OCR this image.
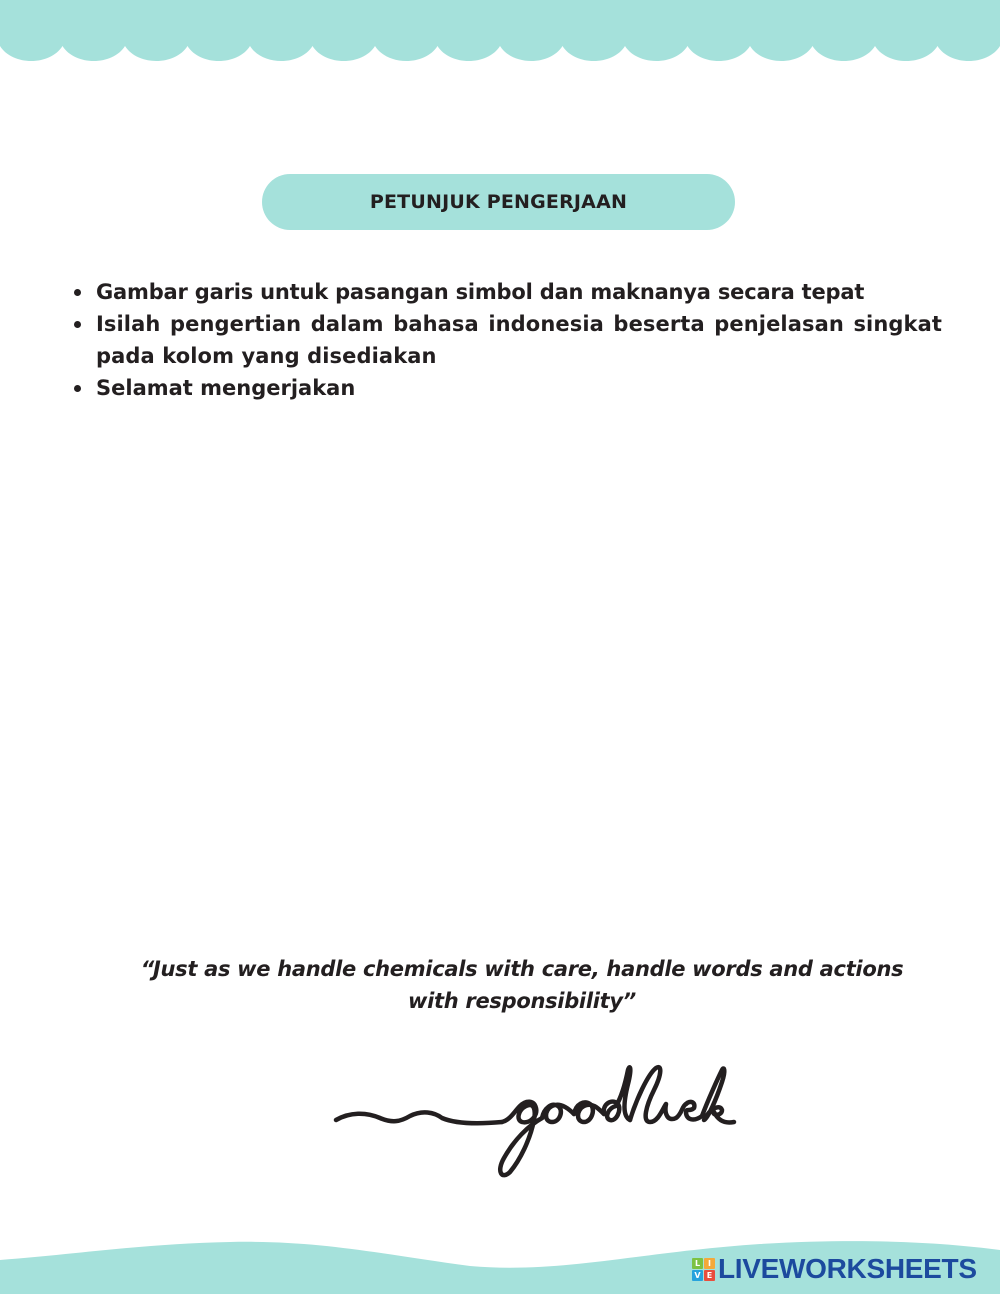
PETUNJUK PENGERJAAN
Gambar garis untuk pasangan simbol dan maknanya secara tepat
Isilah pengertian dalam bahasa indonesia beserta penjelasan singkat pada kolom yang disediakan
Selamat mengerjakan
“Just as we handle chemicals with care, handle words and actions with responsibility”
L I
V E LIVEWORKSHEETS
